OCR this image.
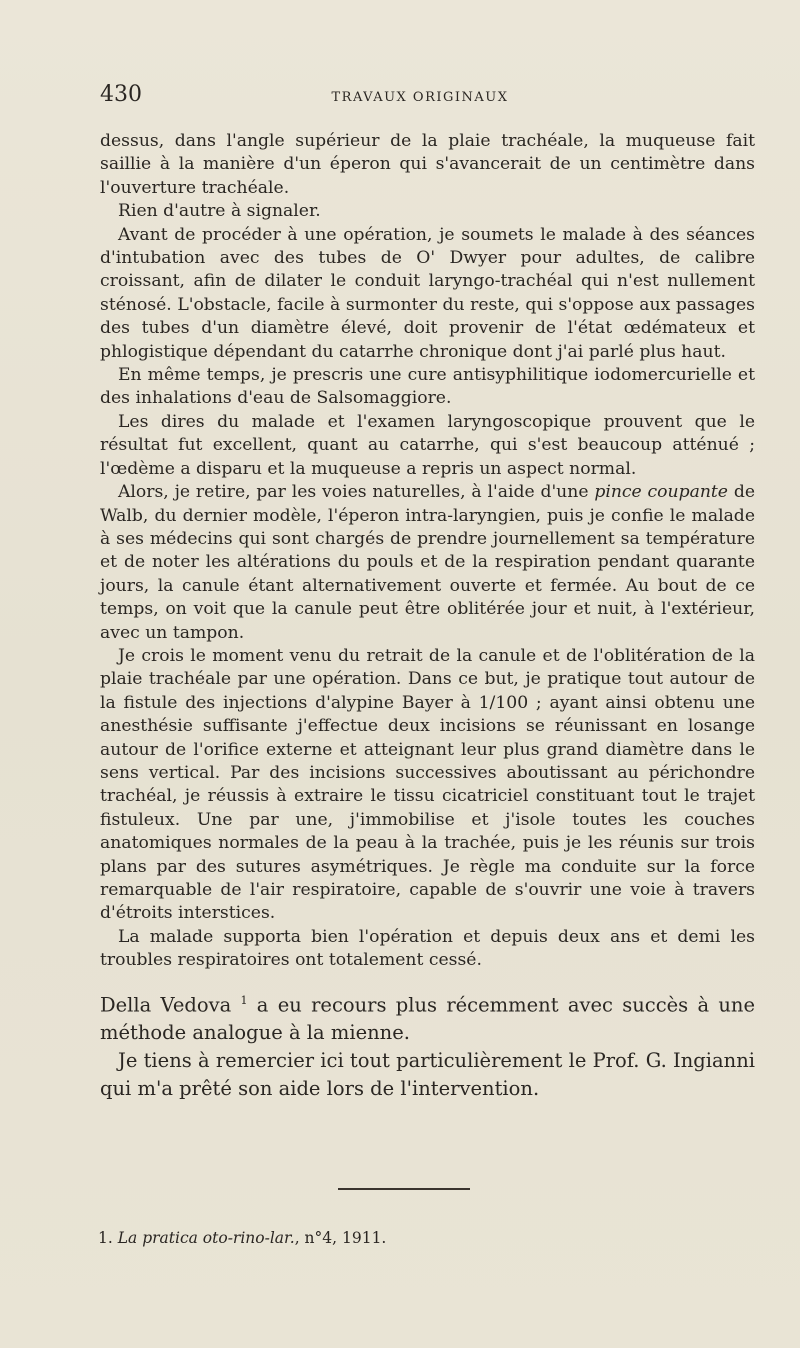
430	TRAVAUX ORIGINAUX

dessus, dans l'angle supérieur de la plaie trachéale, la muqueuse fait saillie à la manière d'un éperon qui s'avancerait de un centimètre dans l'ouverture trachéale.

Rien d'autre à signaler.

Avant de procéder à une opération, je soumets le malade à des séances d'intubation avec des tubes de O' Dwyer pour adultes, de calibre croissant, afin de dilater le conduit laryngo-trachéal qui n'est nullement sténosé. L'obstacle, facile à surmonter du reste, qui s'oppose aux passages des tubes d'un diamètre élevé, doit provenir de l'état œdémateux et phlogistique dépendant du catarrhe chronique dont j'ai parlé plus haut.

En même temps, je prescris une cure antisyphilitique iodomercurielle et des inhalations d'eau de Salsomaggiore.

Les dires du malade et l'examen laryngoscopique prouvent que le résultat fut excellent, quant au catarrhe, qui s'est beaucoup atténué ; l'œdème a disparu et la muqueuse a repris un aspect normal.

Alors, je retire, par les voies naturelles, à l'aide d'une pince coupante de Walb, du dernier modèle, l'éperon intra-laryngien, puis je confie le malade à ses médecins qui sont chargés de prendre journellement sa température et de noter les altérations du pouls et de la respiration pendant quarante jours, la canule étant alternativement ouverte et fermée. Au bout de ce temps, on voit que la canule peut être oblitérée jour et nuit, à l'extérieur, avec un tampon.

Je crois le moment venu du retrait de la canule et de l'oblitération de la plaie trachéale par une opération. Dans ce but, je pratique tout autour de la fistule des injections d'alypine Bayer à 1/100 ; ayant ainsi obtenu une anesthésie suffisante j'effectue deux incisions se réunissant en losange autour de l'orifice externe et atteignant leur plus grand diamètre dans le sens vertical. Par des incisions successives aboutissant au périchondre trachéal, je réussis à extraire le tissu cicatriciel constituant tout le trajet fistuleux. Une par une, j'immobilise et j'isole toutes les couches anatomiques normales de la peau à la trachée, puis je les réunis sur trois plans par des sutures asymétriques. Je règle ma conduite sur la force remarquable de l'air respiratoire, capable de s'ouvrir une voie à travers d'étroits interstices.

La malade supporta bien l'opération et depuis deux ans et demi les troubles respiratoires ont totalement cessé.

Della Vedova $^1$ a eu recours plus récemment avec succès à une méthode analogue à la mienne.

Je tiens à remercier ici tout particulièrement le Prof. G. Ingianni qui m'a prêté son aide lors de l'intervention.

1. La pratica oto-rino-lar., n°4, 1911.
